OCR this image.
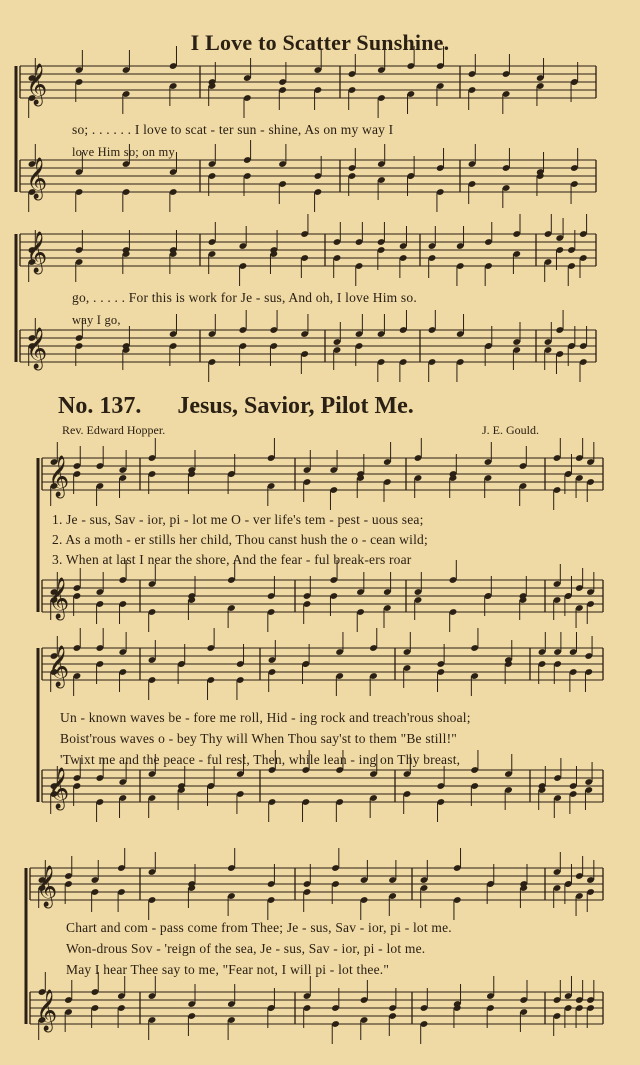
𝄞
𝄞
𝄞
𝄞
𝄞
𝄞
𝄞
𝄞
𝄞
𝄞
I Love to Scatter Sunshine.
so; . . . . . . I love to scat - ter sun - shine, As on my way I
love Him so; on my
go, . . . . . For this is work for Je - sus, And oh, I love Him so.
way I go,
No. 137. Jesus, Savior, Pilot Me.
Rev. Edward Hopper.	J. E. Gould.
1. Je - sus, Sav - ior, pi - lot me O - ver life's tem - pest - uous sea;
2. As a moth - er stills her child, Thou canst hush the o - cean wild;
3. When at last I near the shore, And the fear - ful break-ers roar
Un - known waves be - fore me roll, Hid - ing rock and treach'rous shoal;
Boist'rous waves o - bey Thy will When Thou say'st to them "Be still!"
'Twixt me and the peace - ful rest, Then, while lean - ing on Thy breast,
Chart and com - pass come from Thee; Je - sus, Sav - ior, pi - lot me.
Won-drous Sov - 'reign of the sea, Je - sus, Sav - ior, pi - lot me.
May I hear Thee say to me, "Fear not, I will pi - lot thee."
